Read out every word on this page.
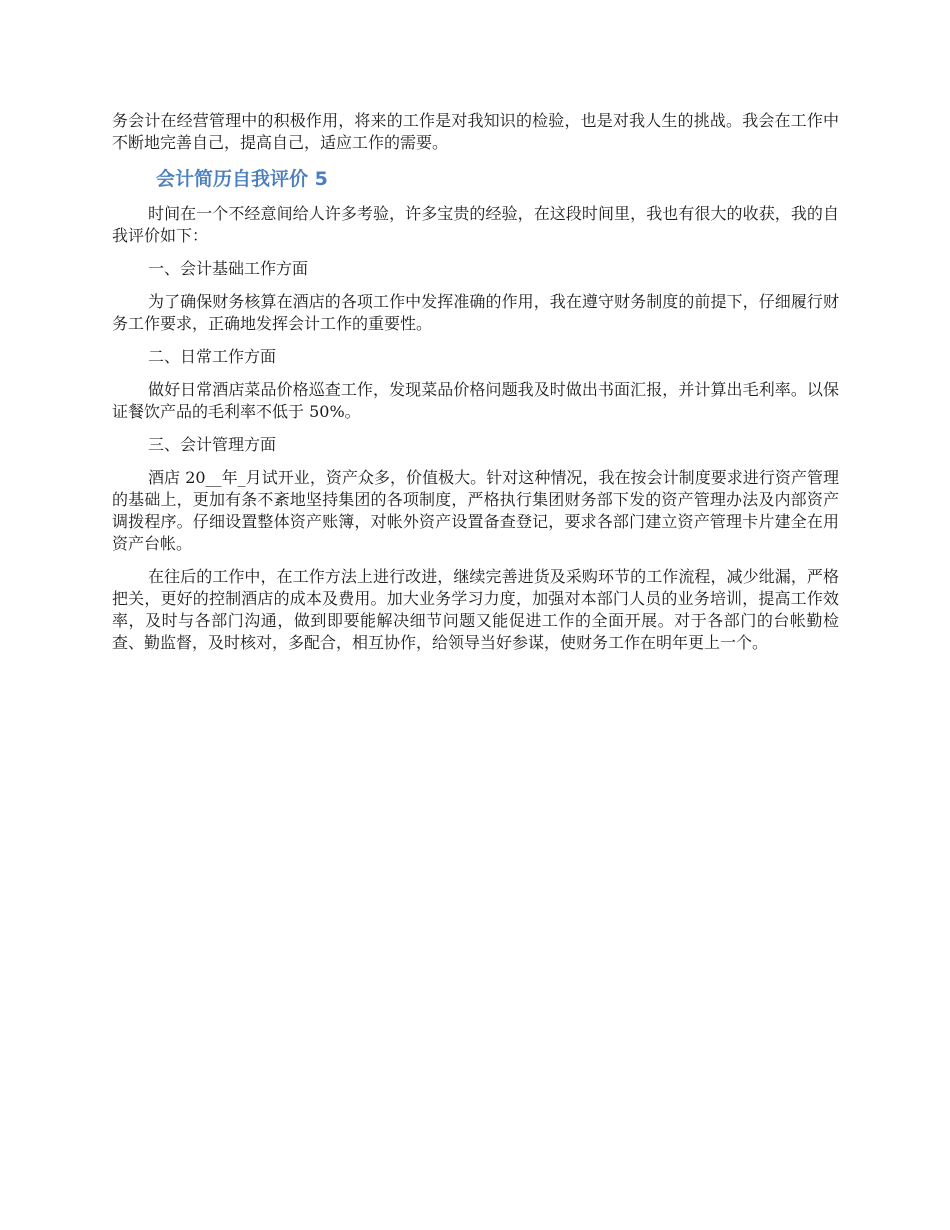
务会计在经营管理中的积极作用，将来的工作是对我知识的检验，也是对我人生的挑战。我会在工作中不断地完善自己，提高自己，适应工作的需要。

会计简历自我评价 5

时间在一个不经意间给人许多考验，许多宝贵的经验，在这段时间里，我也有很大的收获，我的自我评价如下：

一、会计基础工作方面

为了确保财务核算在酒店的各项工作中发挥准确的作用，我在遵守财务制度的前提下，仔细履行财务工作要求，正确地发挥会计工作的重要性。

二、日常工作方面

做好日常酒店菜品价格巡查工作，发现菜品价格问题我及时做出书面汇报，并计算出毛利率。以保证餐饮产品的毛利率不低于 50%。

三、会计管理方面

酒店 20__年_月试开业，资产众多，价值极大。针对这种情况，我在按会计制度要求进行资产管理的基础上，更加有条不紊地坚持集团的各项制度，严格执行集团财务部下发的资产管理办法及内部资产调拨程序。仔细设置整体资产账簿，对帐外资产设置备查登记，要求各部门建立资产管理卡片建全在用资产台帐。

在往后的工作中，在工作方法上进行改进，继续完善进货及采购环节的工作流程，减少纰漏，严格把关，更好的控制酒店的成本及费用。加大业务学习力度，加强对本部门人员的业务培训，提高工作效率，及时与各部门沟通，做到即要能解决细节问题又能促进工作的全面开展。对于各部门的台帐勤检查、勤监督，及时核对，多配合，相互协作，给领导当好参谋，使财务工作在明年更上一个。
